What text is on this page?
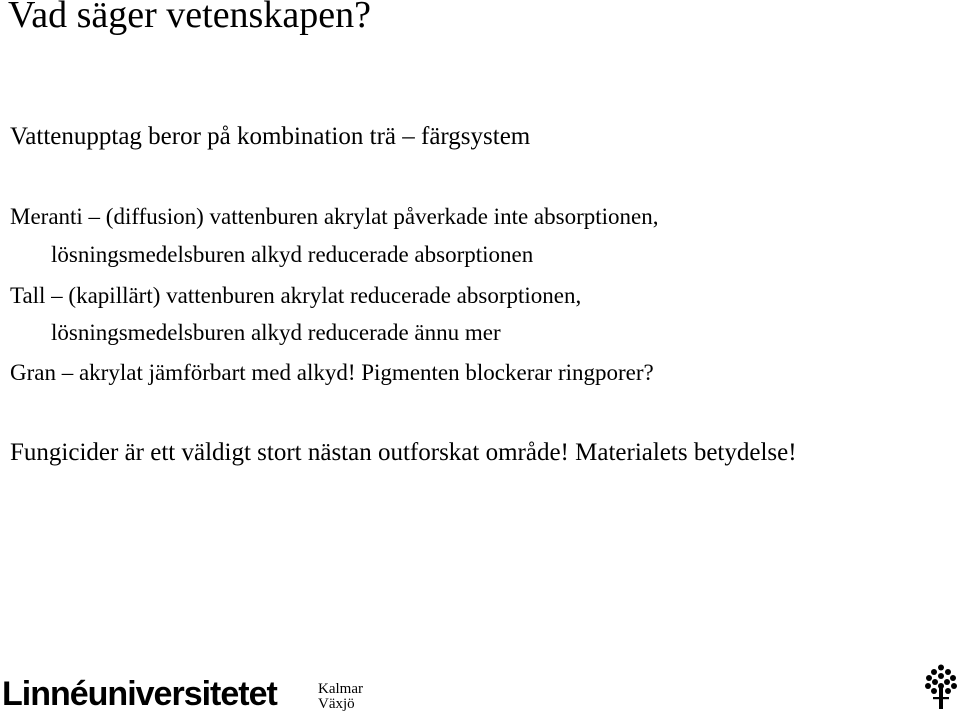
Vad säger vetenskapen?

Vattenupptag beror på kombination trä – färgsystem

Meranti – (diffusion) vattenburen akrylat påverkade inte absorptionen,

lösningsmedelsburen alkyd reducerade absorptionen

Tall – (kapillärt) vattenburen akrylat reducerade absorptionen,

lösningsmedelsburen alkyd reducerade ännu mer

Gran – akrylat jämförbart med alkyd! Pigmenten blockerar ringporer?

Fungicider är ett väldigt stort nästan outforskat område! Materialets betydelse!

Linnéuniversitetet	Kalmar
Växjö
